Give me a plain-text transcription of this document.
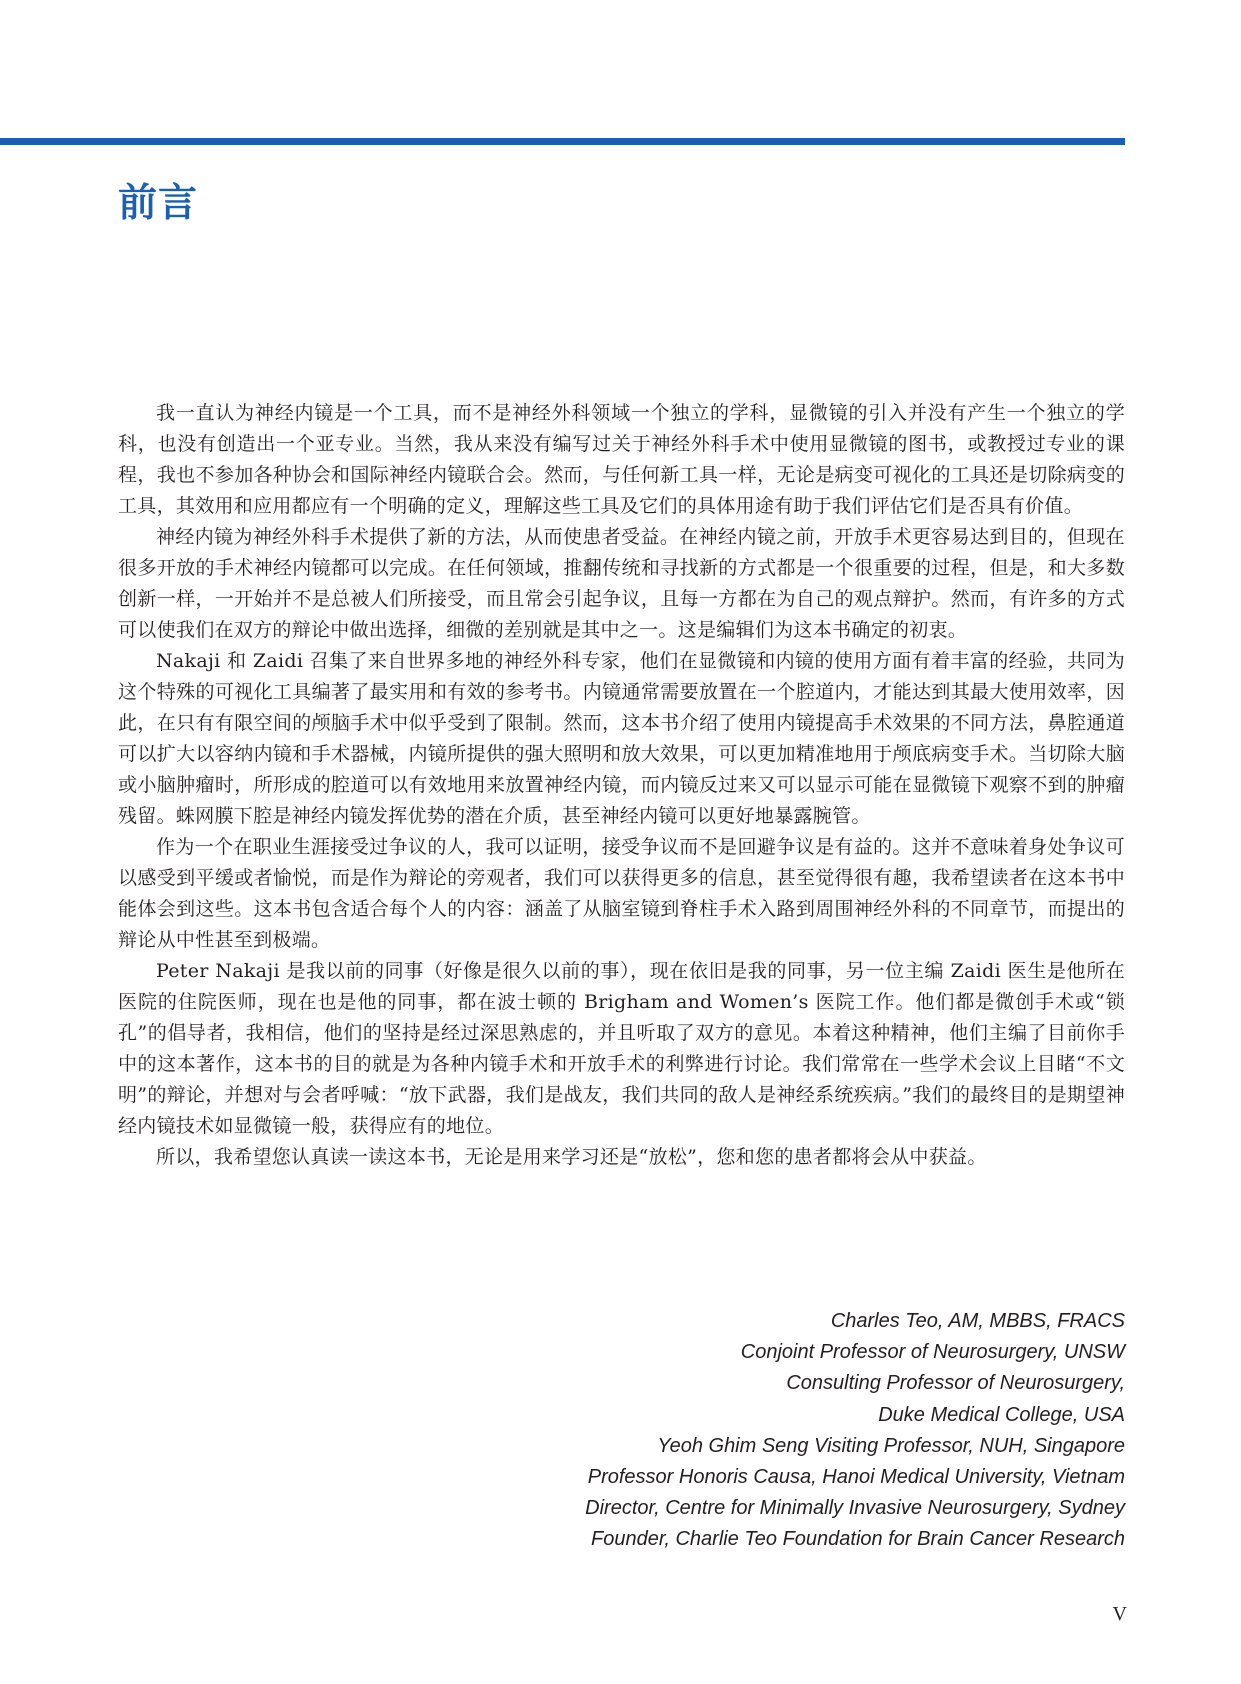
前言

我一直认为神经内镜是一个工具，而不是神经外科领域一个独立的学科，显微镜的引入并没有产生一个独立的学科，也没有创造出一个亚专业。当然，我从来没有编写过关于神经外科手术中使用显微镜的图书，或教授过专业的课程，我也不参加各种协会和国际神经内镜联合会。然而，与任何新工具一样，无论是病变可视化的工具还是切除病变的工具，其效用和应用都应有一个明确的定义，理解这些工具及它们的具体用途有助于我们评估它们是否具有价值。

神经内镜为神经外科手术提供了新的方法，从而使患者受益。在神经内镜之前，开放手术更容易达到目的，但现在很多开放的手术神经内镜都可以完成。在任何领域，推翻传统和寻找新的方式都是一个很重要的过程，但是，和大多数创新一样，一开始并不是总被人们所接受，而且常会引起争议，且每一方都在为自己的观点辩护。然而，有许多的方式可以使我们在双方的辩论中做出选择，细微的差别就是其中之一。这是编辑们为这本书确定的初衷。

Nakaji 和 Zaidi 召集了来自世界多地的神经外科专家，他们在显微镜和内镜的使用方面有着丰富的经验，共同为这个特殊的可视化工具编著了最实用和有效的参考书。内镜通常需要放置在一个腔道内，才能达到其最大使用效率，因此，在只有有限空间的颅脑手术中似乎受到了限制。然而，这本书介绍了使用内镜提高手术效果的不同方法，鼻腔通道可以扩大以容纳内镜和手术器械，内镜所提供的强大照明和放大效果，可以更加精准地用于颅底病变手术。当切除大脑或小脑肿瘤时，所形成的腔道可以有效地用来放置神经内镜，而内镜反过来又可以显示可能在显微镜下观察不到的肿瘤残留。蛛网膜下腔是神经内镜发挥优势的潜在介质，甚至神经内镜可以更好地暴露腕管。

作为一个在职业生涯接受过争议的人，我可以证明，接受争议而不是回避争议是有益的。这并不意味着身处争议可以感受到平缓或者愉悦，而是作为辩论的旁观者，我们可以获得更多的信息，甚至觉得很有趣，我希望读者在这本书中能体会到这些。这本书包含适合每个人的内容：涵盖了从脑室镜到脊柱手术入路到周围神经外科的不同章节，而提出的辩论从中性甚至到极端。

Peter Nakaji 是我以前的同事（好像是很久以前的事），现在依旧是我的同事，另一位主编 Zaidi 医生是他所在医院的住院医师，现在也是他的同事，都在波士顿的 Brigham and Women’s 医院工作。他们都是微创手术或“锁孔”的倡导者，我相信，他们的坚持是经过深思熟虑的，并且听取了双方的意见。本着这种精神，他们主编了目前你手中的这本著作，这本书的目的就是为各种内镜手术和开放手术的利弊进行讨论。我们常常在一些学术会议上目睹“不文明”的辩论，并想对与会者呼喊：“放下武器，我们是战友，我们共同的敌人是神经系统疾病。”我们的最终目的是期望神经内镜技术如显微镜一般，获得应有的地位。

所以，我希望您认真读一读这本书，无论是用来学习还是“放松”，您和您的患者都将会从中获益。

Charles Teo, AM, MBBS, FRACS
Conjoint Professor of Neurosurgery, UNSW
Consulting Professor of Neurosurgery,
Duke Medical College, USA
Yeoh Ghim Seng Visiting Professor, NUH, Singapore
Professor Honoris Causa, Hanoi Medical University, Vietnam
Director, Centre for Minimally Invasive Neurosurgery, Sydney
Founder, Charlie Teo Foundation for Brain Cancer Research
V
